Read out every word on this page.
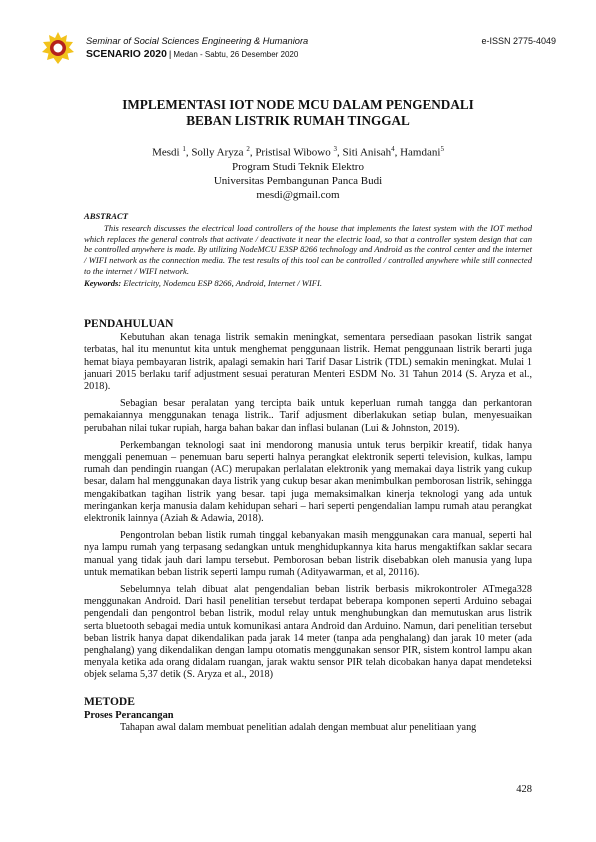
Seminar of Social Sciences Engineering & Humaniora
SCENARIO 2020 | Medan - Sabtu, 26 Desember 2020
e-ISSN 2775-4049
IMPLEMENTASI IOT NODE MCU DALAM PENGENDALI
BEBAN LISTRIK RUMAH TINGGAL
Mesdi $^1$, Solly Aryza $^2$, Pristisal Wibowo $^3$, Siti Anisah$^4$, Hamdani$^5$
Program Studi Teknik Elektro
Universitas Pembangunan Panca Budi
mesdi@gmail.com
ABSTRACT

This research discusses the electrical load controllers of the house that implements the latest system with the IOT method which replaces the general controls that activate / deactivate it near the electric load, so that a controller system design that can be controlled anywhere is made. By utilizing NodeMCU E3SP 8266 technology and Android as the control center and the internet / WIFI network as the connection media. The test results of this tool can be controlled / controlled anywhere while still connected to the internet / WIFI network.

Keywords: Electricity, Nodemcu ESP 8266, Android, Internet / WIFI.
PENDAHULUAN

Kebutuhan akan tenaga listrik semakin meningkat, sementara persediaan pasokan listrik sangat terbatas, hal itu menuntut kita untuk menghemat penggunaan listrik. Hemat penggunaan listrik berarti juga hemat biaya pembayaran listrik, apalagi semakin hari Tarif Dasar Listrik (TDL) semakin meningkat. Mulai 1 januari 2015 berlaku tarif adjustment sesuai peraturan Menteri ESDM No. 31 Tahun 2014 (S. Aryza et al., 2018).

Sebagian besar peralatan yang tercipta baik untuk keperluan rumah tangga dan perkantoran pemakaiannya menggunakan tenaga listrik.. Tarif adjusment diberlakukan setiap bulan, menyesuaikan perubahan nilai tukar rupiah, harga bahan bakar dan inflasi bulanan (Lui & Johnston, 2019).

Perkembangan teknologi saat ini mendorong manusia untuk terus berpikir kreatif, tidak hanya menggali penemuan – penemuan baru seperti halnya perangkat elektronik seperti television, kulkas, lampu rumah dan pendingin ruangan (AC) merupakan perlalatan elektronik yang memakai daya listrik yang cukup besar, dalam hal menggunakan daya listrik yang cukup besar akan menimbulkan pemborosan listrik, sehingga mengakibatkan tagihan listrik yang besar. tapi juga memaksimalkan kinerja teknologi yang ada untuk meringankan kerja manusia dalam kehidupan sehari – hari seperti pengendalian lampu rumah atau perangkat elektronik lainnya (Aziah & Adawia, 2018).

Pengontrolan beban listik rumah tinggal kebanyakan masih menggunakan cara manual, seperti hal nya lampu rumah yang terpasang sedangkan untuk menghidupkannya kita harus mengaktifkan saklar secara manual yang tidak jauh dari lampu tersebut. Pemborosan beban listrik disebabkan oleh manusia yang lupa untuk mematikan beban listrik seperti lampu rumah (Adityawarman, et al, 20116).

Sebelumnya telah dibuat alat pengendalian beban listrik berbasis mikrokontroler ATmega328 menggunakan Android. Dari hasil penelitian tersebut terdapat beberapa komponen seperti Arduino sebagai pengendali dan pengontrol beban listrik, modul relay untuk menghubungkan dan memutuskan arus listrik serta bluetooth sebagai media untuk komunikasi antara Android dan Arduino. Namun, dari penelitian tersebut beban listrik hanya dapat dikendalikan pada jarak 14 meter (tanpa ada penghalang) dan jarak 10 meter (ada penghalang) yang dikendalikan dengan lampu otomatis menggunakan sensor PIR, sistem kontrol lampu akan menyala ketika ada orang didalam ruangan, jarak waktu sensor PIR telah dicobakan hanya dapat mendeteksi objek selama 5,37 detik (S. Aryza et al., 2018)

METODE
Proses Perancangan

Tahapan awal dalam membuat penelitian adalah dengan membuat alur penelitiaan yang

428
